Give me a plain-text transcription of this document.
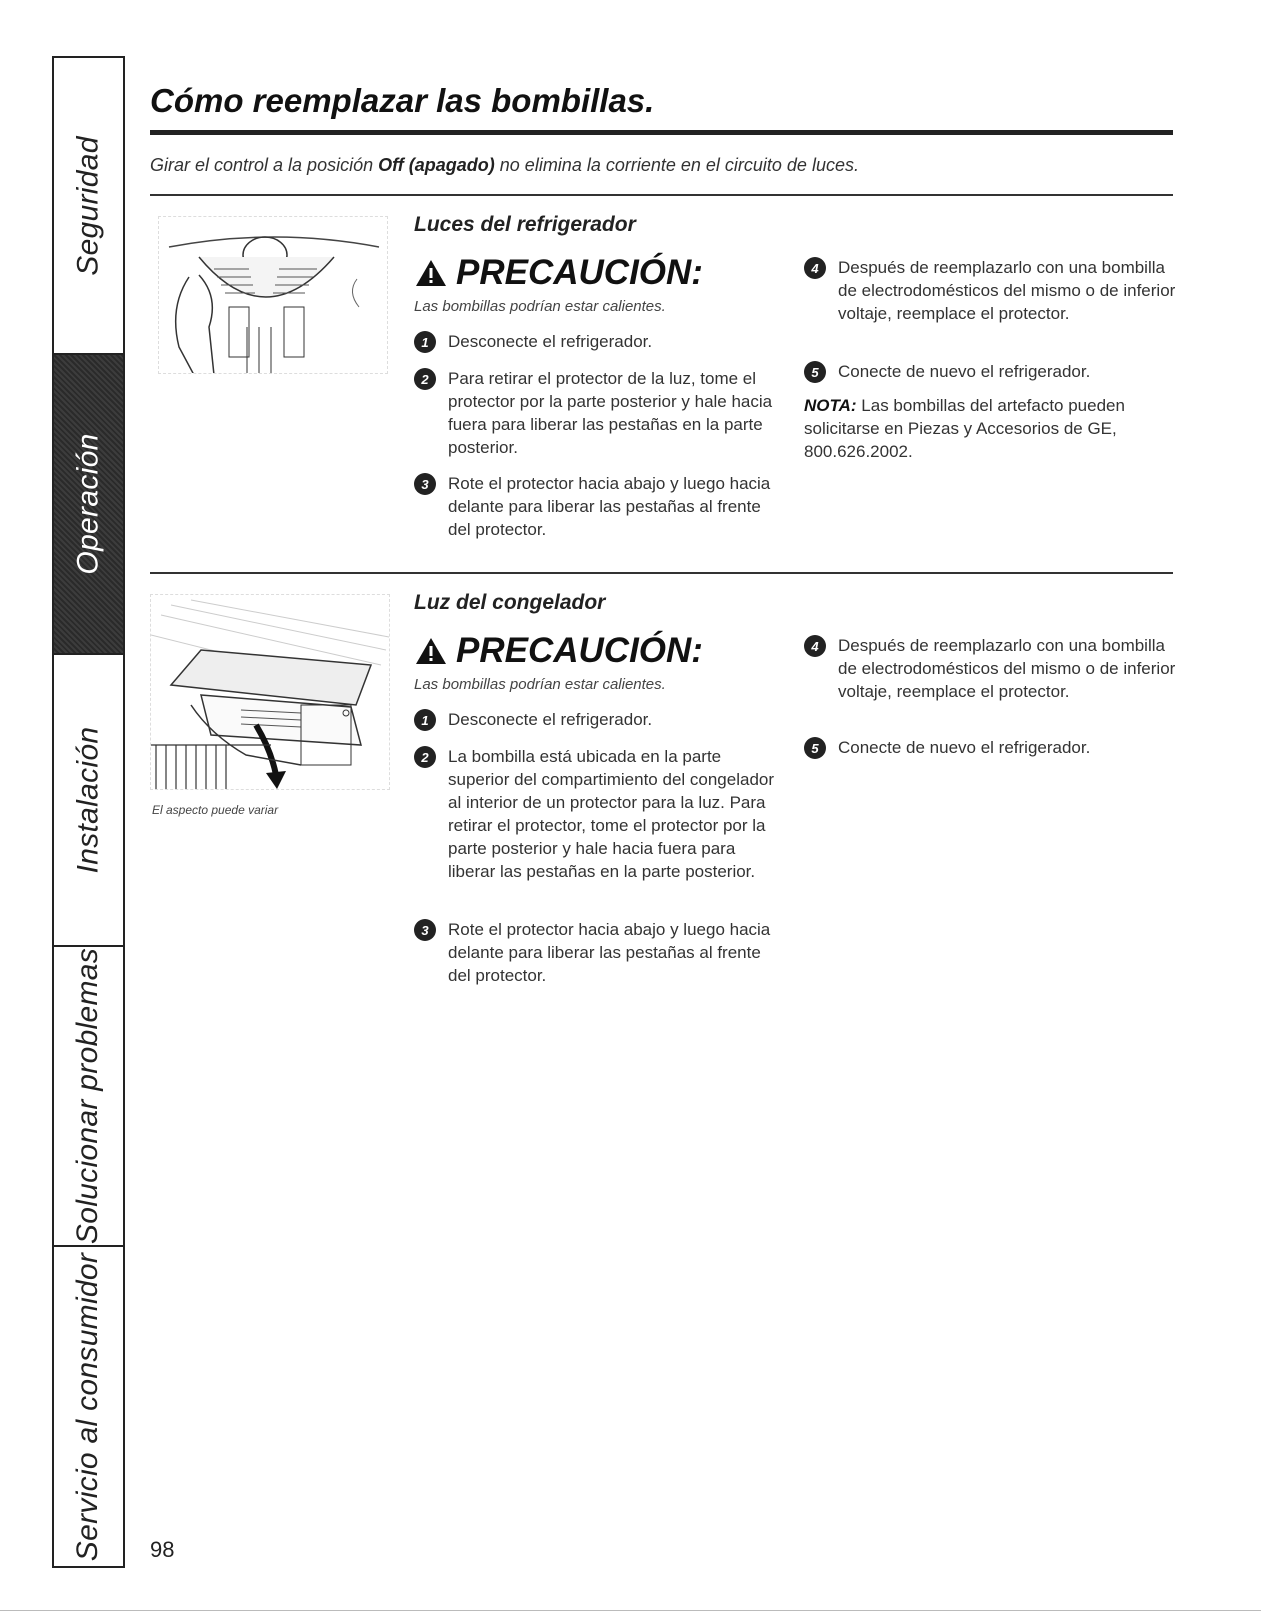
Seguridad
Operación
Instalación
Solucionar problemas
Servicio al consumidor
Cómo reemplazar las bombillas.
Girar el control a la posición Off (apagado) no elimina la corriente en el circuito de luces.
Luces del refrigerador
PRECAUCIÓN:
Las bombillas podrían estar calientes.
1	Desconecte el refrigerador.
2	Para retirar el protector de la luz, tome el protector por la parte posterior y hale hacia fuera para liberar las pestañas en la parte posterior.
3	Rote el protector hacia abajo y luego hacia delante para liberar las pestañas al frente del protector.
4	Después de reemplazarlo con una bombilla de electrodomésticos del mismo o de inferior voltaje, reemplace el protector.
5	Conecte de nuevo el refrigerador.
NOTA: Las bombillas del artefacto pueden solicitarse en Piezas y Accesorios de GE, 800.626.2002.
El aspecto puede variar
Luz del congelador
PRECAUCIÓN:
Las bombillas podrían estar calientes.
1	Desconecte el refrigerador.
2	La bombilla está ubicada en la parte superior del compartimiento del congelador al interior de un protector para la luz. Para retirar el protector, tome el protector por la parte posterior y hale hacia fuera para liberar las pestañas en la parte posterior.
3	Rote el protector hacia abajo y luego hacia delante para liberar las pestañas al frente del protector.
4	Después de reemplazarlo con una bombilla de electrodomésticos del mismo o de inferior voltaje, reemplace el protector.
5	Conecte de nuevo el refrigerador.
98
